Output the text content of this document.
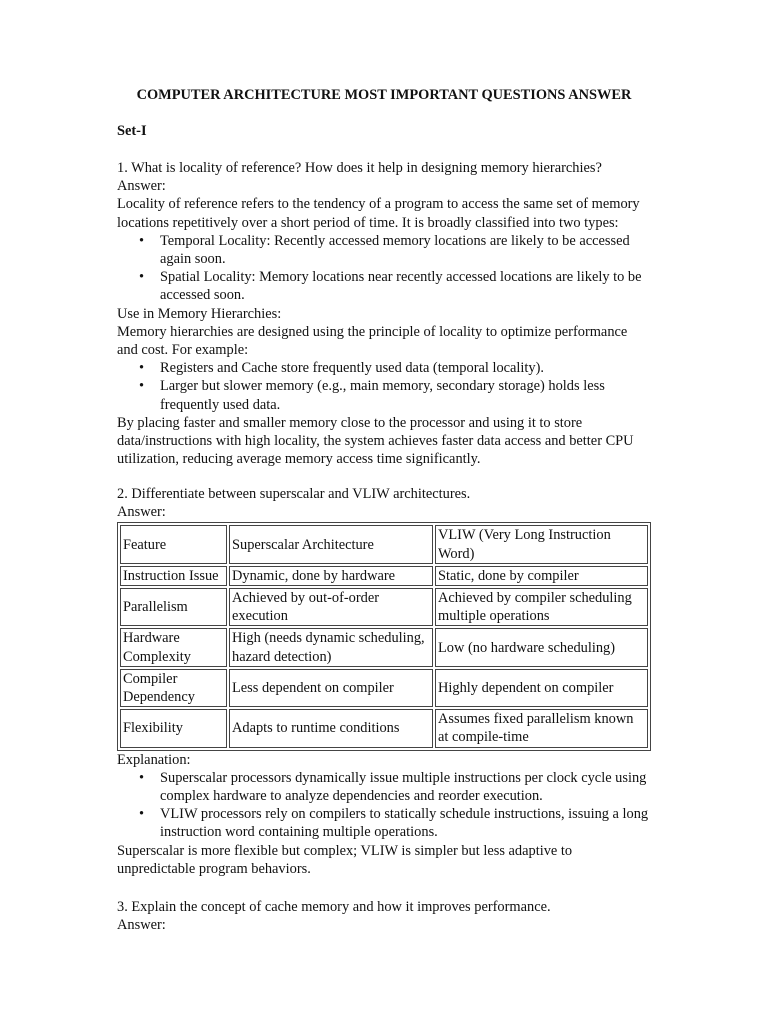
COMPUTER ARCHITECTURE MOST IMPORTANT QUESTIONS ANSWER
Set-I

1. What is locality of reference? How does it help in designing memory hierarchies?

Answer:

Locality of reference refers to the tendency of a program to access the same set of memory locations repetitively over a short period of time. It is broadly classified into two types:

• Temporal Locality: Recently accessed memory locations are likely to be accessed again soon.
• Spatial Locality: Memory locations near recently accessed locations are likely to be accessed soon.

Use in Memory Hierarchies:

Memory hierarchies are designed using the principle of locality to optimize performance and cost. For example:

• Registers and Cache store frequently used data (temporal locality).
• Larger but slower memory (e.g., main memory, secondary storage) holds less frequently used data.

By placing faster and smaller memory close to the processor and using it to store data/instructions with high locality, the system achieves faster data access and better CPU utilization, reducing average memory access time significantly.

2. Differentiate between superscalar and VLIW architectures.

Answer:

Feature	Superscalar Architecture	VLIW (Very Long Instruction Word)
Instruction Issue	Dynamic, done by hardware	Static, done by compiler
Parallelism	Achieved by out-of-order execution	Achieved by compiler scheduling multiple operations
Hardware Complexity	High (needs dynamic scheduling, hazard detection)	Low (no hardware scheduling)
Compiler Dependency	Less dependent on compiler	Highly dependent on compiler
Flexibility	Adapts to runtime conditions	Assumes fixed parallelism known at compile-time

Explanation:

• Superscalar processors dynamically issue multiple instructions per clock cycle using complex hardware to analyze dependencies and reorder execution.
• VLIW processors rely on compilers to statically schedule instructions, issuing a long instruction word containing multiple operations.

Superscalar is more flexible but complex; VLIW is simpler but less adaptive to unpredictable program behaviors.

3. Explain the concept of cache memory and how it improves performance.

Answer:
